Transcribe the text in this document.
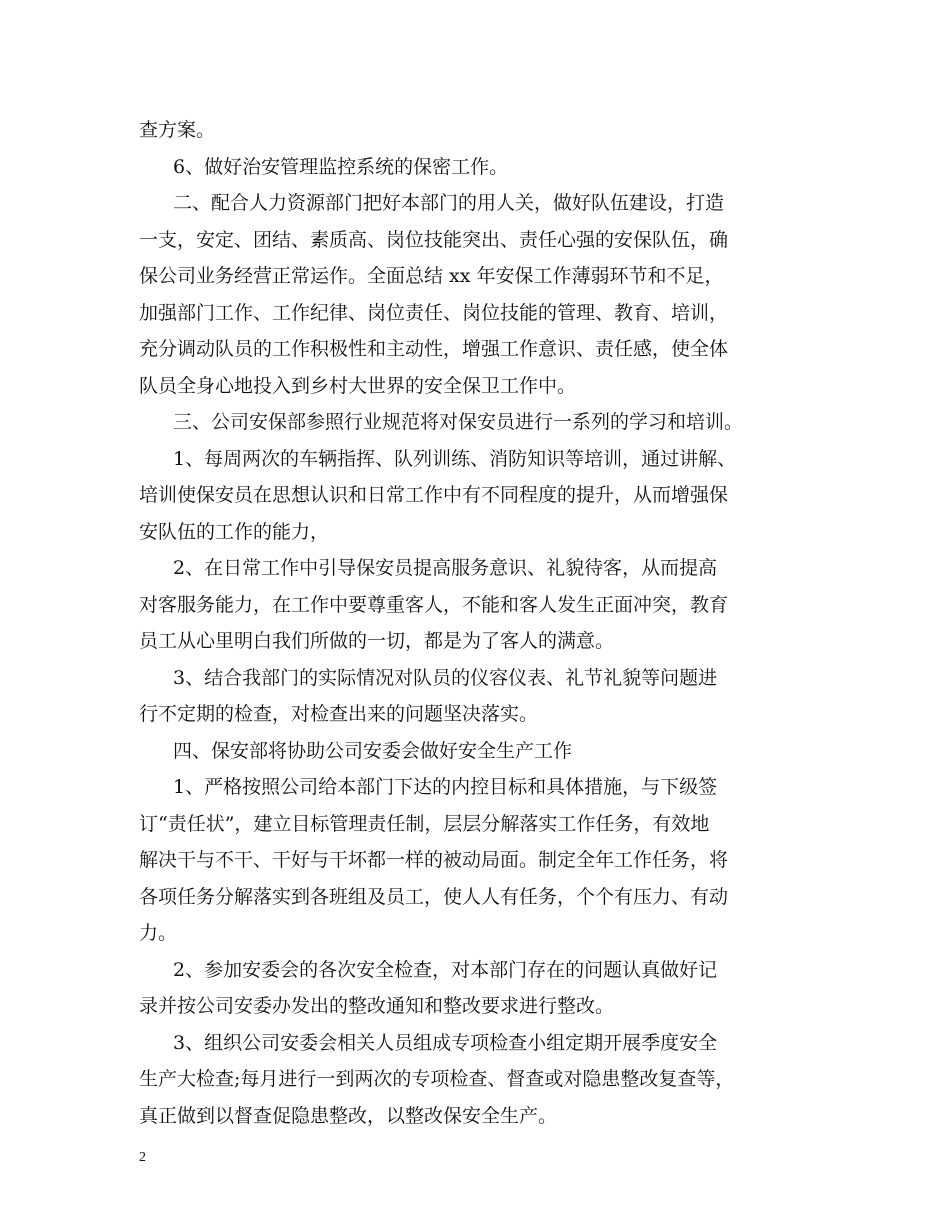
查方案。
6、做好治安管理监控系统的保密工作。
二、配合人力资源部门把好本部门的用人关，做好队伍建设，打造
一支，安定、团结、素质高、岗位技能突出、责任心强的安保队伍，确
保公司业务经营正常运作。全面总结 xx 年安保工作薄弱环节和不足，
加强部门工作、工作纪律、岗位责任、岗位技能的管理、教育、培训，
充分调动队员的工作积极性和主动性，增强工作意识、责任感，使全体
队员全身心地投入到乡村大世界的安全保卫工作中。
三、公司安保部参照行业规范将对保安员进行一系列的学习和培训。
1、每周两次的车辆指挥、队列训练、消防知识等培训，通过讲解、
培训使保安员在思想认识和日常工作中有不同程度的提升，从而增强保
安队伍的工作的能力，
2、在日常工作中引导保安员提高服务意识、礼貌待客，从而提高
对客服务能力，在工作中要尊重客人，不能和客人发生正面冲突，教育
员工从心里明白我们所做的一切，都是为了客人的满意。
3、结合我部门的实际情况对队员的仪容仪表、礼节礼貌等问题进
行不定期的检查，对检查出来的问题坚决落实。
四、保安部将协助公司安委会做好安全生产工作
1、严格按照公司给本部门下达的内控目标和具体措施，与下级签
订“责任状”，建立目标管理责任制，层层分解落实工作任务，有效地
解决干与不干、干好与干坏都一样的被动局面。制定全年工作任务，将
各项任务分解落实到各班组及员工，使人人有任务，个个有压力、有动
力。
2、参加安委会的各次安全检查，对本部门存在的问题认真做好记
录并按公司安委办发出的整改通知和整改要求进行整改。
3、组织公司安委会相关人员组成专项检查小组定期开展季度安全
生产大检查;每月进行一到两次的专项检查、督查或对隐患整改复查等，
真正做到以督查促隐患整改，以整改保安全生产。
2
